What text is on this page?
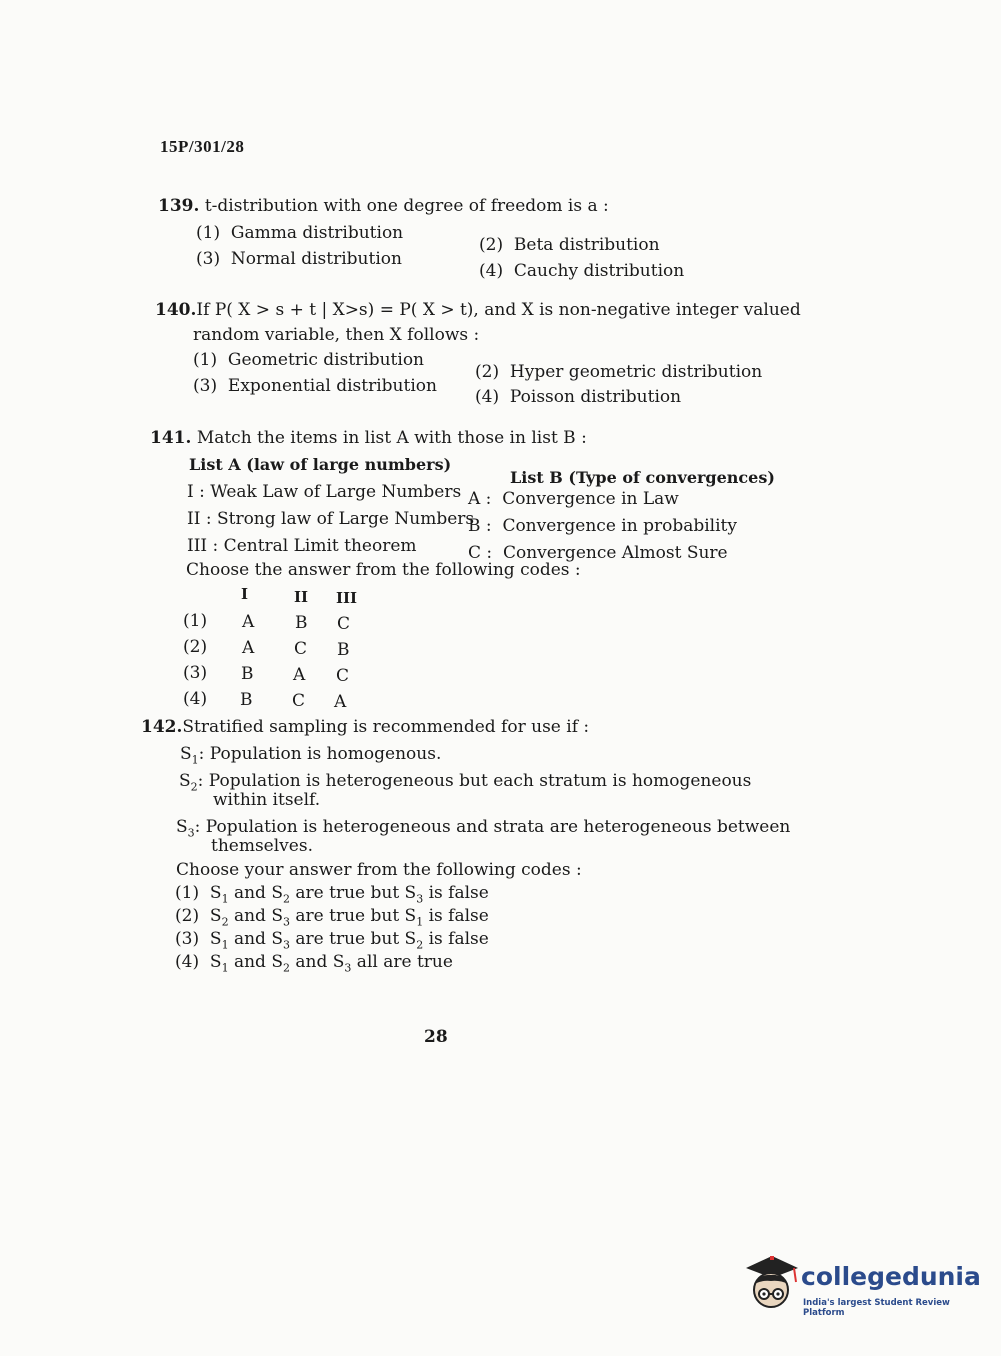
15P/301/28
139. t-distribution with one degree of freedom is a :
(1) Gamma distribution
(2) Beta distribution
(3) Normal distribution
(4) Cauchy distribution
140.If P( X > s + t | X>s) = P( X > t), and X is non-negative integer valued
random variable, then X follows :
(1) Geometric distribution
(2) Hyper geometric distribution
(3) Exponential distribution
(4) Poisson distribution
141. Match the items in list A with those in list B :
List A (law of large numbers)
List B (Type of convergences)
I : Weak Law of Large Numbers
II : Strong law of Large Numbers
III : Central Limit theorem
A : Convergence in Law
B : Convergence in probability
C : Convergence Almost Sure
Choose the answer from the following codes :
I	II III
(1) A B C
(2) A C B
(3) B A C
(4) B C A
142.Stratified sampling is recommended for use if :
$S_1$: Population is homogenous.
$S_2$: Population is heterogeneous but each stratum is homogeneous
within itself.
$S_3$: Population is heterogeneous and strata are heterogeneous between
themselves.
Choose your answer from the following codes :
(1)  $S_1$ and $S_2$ are true but $S_3$ is false
(2)  $S_2$ and $S_3$ are true but $S_1$ is false
(3)  $S_1$ and $S_3$ are true but $S_2$ is false
(4)  $S_1$ and $S_2$ and $S_3$ all are true
28
collegedunia
India's largest Student Review Platform
